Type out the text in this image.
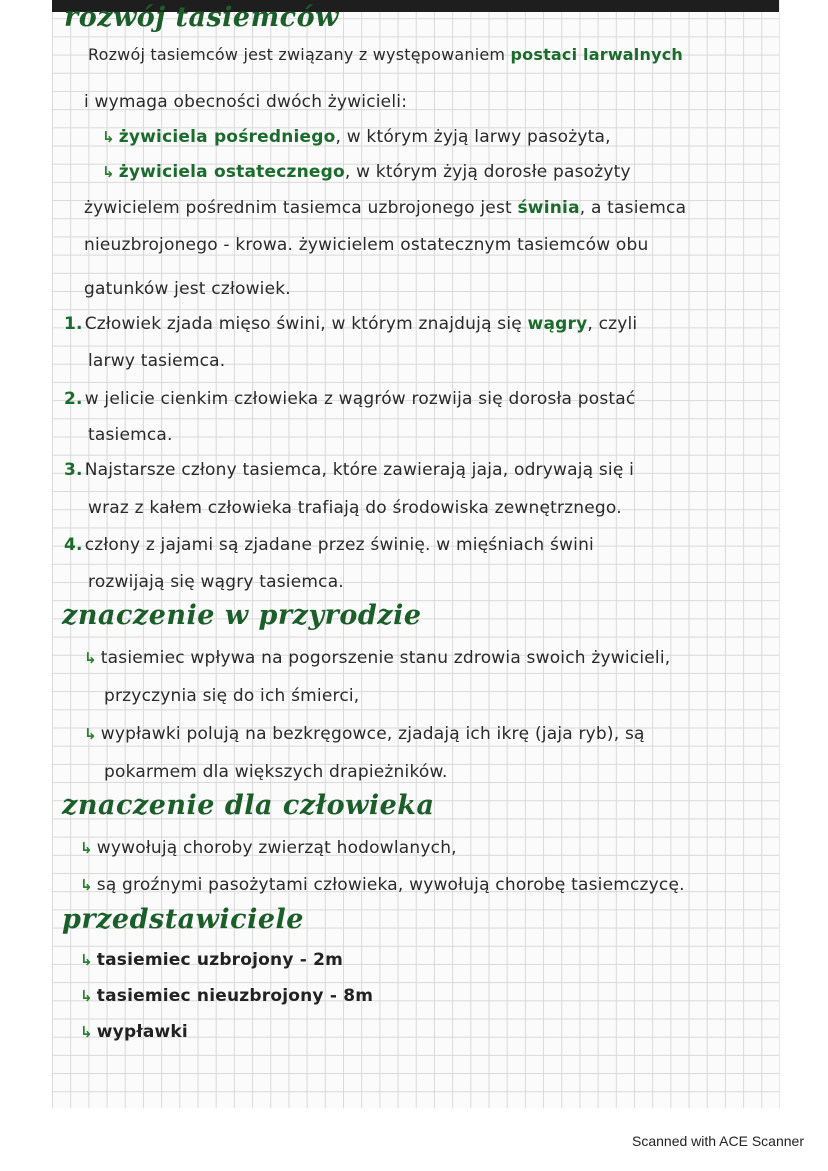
rozwój tasiemców
Rozwój tasiemców jest związany z występowaniem postaci larwalnych
i wymaga obecności dwóch żywicieli:
↳ żywiciela pośredniego, w którym żyją larwy pasożyta,
↳ żywiciela ostatecznego, w którym żyją dorosłe pasożyty
żywicielem pośrednim tasiemca uzbrojonego jest świnia, a tasiemca
nieuzbrojonego - krowa. żywicielem ostatecznym tasiemców obu
gatunków jest człowiek.
1. Człowiek zjada mięso świni, w którym znajdują się wągry, czyli
larwy tasiemca.
2. w jelicie cienkim człowieka z wągrów rozwija się dorosła postać
tasiemca.
3. Najstarsze człony tasiemca, które zawierają jaja, odrywają się i
wraz z kałem człowieka trafiają do środowiska zewnętrznego.
4. człony z jajami są zjadane przez świnię. w mięśniach świni
rozwijają się wągry tasiemca.
znaczenie w przyrodzie
↳ tasiemiec wpływa na pogorszenie stanu zdrowia swoich żywicieli,
przyczynia się do ich śmierci,
↳ wypławki polują na bezkręgowce, zjadają ich ikrę (jaja ryb), są
pokarmem dla większych drapieżników.
znaczenie dla człowieka
↳ wywołują choroby zwierząt hodowlanych,
↳ są groźnymi pasożytami człowieka, wywołują chorobę tasiemczycę.
przedstawiciele
↳ tasiemiec uzbrojony - 2m
↳ tasiemiec nieuzbrojony - 8m
↳ wypławki
Scanned with ACE Scanner
